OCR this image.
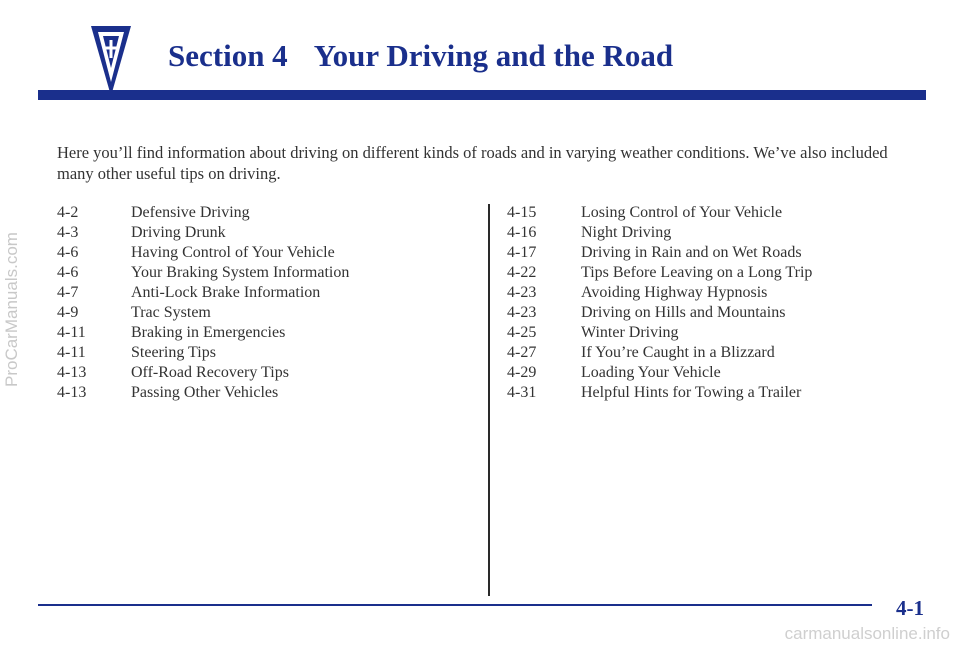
Section 4 Your Driving and the Road
ProCarManuals.com
Here you’ll find information about driving on different kinds of roads and in varying weather conditions. We’ve also included many other useful tips on driving.
4-2	Defensive Driving
4-3	Driving Drunk
4-6	Having Control of Your Vehicle
4-6	Your Braking System Information
4-7	Anti-Lock Brake Information
4-9	Trac System
4-11	Braking in Emergencies
4-11	Steering Tips
4-13	Off-Road Recovery Tips
4-13	Passing Other Vehicles
4-15	Losing Control of Your Vehicle
4-16	Night Driving
4-17	Driving in Rain and on Wet Roads
4-22	Tips Before Leaving on a Long Trip
4-23	Avoiding Highway Hypnosis
4-23	Driving on Hills and Mountains
4-25	Winter Driving
4-27	If You’re Caught in a Blizzard
4-29	Loading Your Vehicle
4-31	Helpful Hints for Towing a Trailer
4-1
carmanualsonline.info
